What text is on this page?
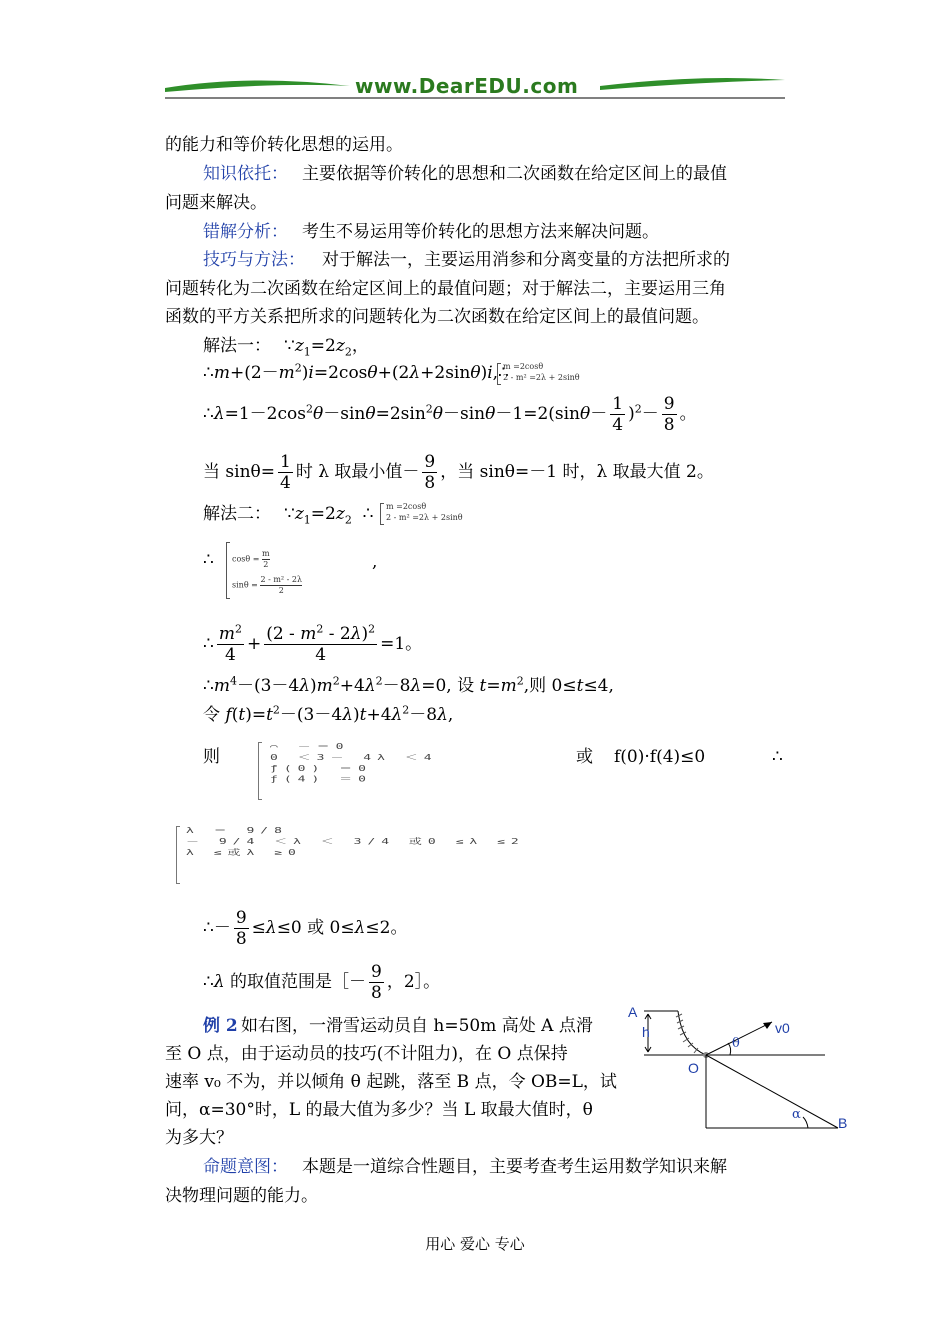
www.DearEDU.com
的能力和等价转化思想的运用。
知识依托： 主要依据等价转化的思想和二次函数在给定区间上的最值
问题来解决。
错解分析： 考生不易运用等价转化的思想方法来解决问题。
技巧与方法： 对于解法一，主要运用消参和分离变量的方法把所求的
问题转化为二次函数在给定区间上的最值问题；对于解法二，主要运用三角
函数的平方关系把所求的问题转化为二次函数在给定区间上的最值问题。
解法一： $\because z_1=2z_2$，
$\therefore m+(2-m^2)i=2\cos\theta+(2\lambda+2\sin\theta)i,\therefore$
m =2cosθ
2 - m² =2λ + 2sinθ
$\therefore\lambda=1-2\cos^2\theta-\sin\theta=2\sin^2\theta-\sin\theta-1=2(\sin\theta- \frac{1}{4} )^2- \frac{9}{8}$ 。
当 $\sin\theta= \frac{1}{4}$ 时 λ 取最小值－ $\frac{9}{8}$ ，当 sinθ=－1 时，λ 取最大值 2。
解法二： $\because z_1=2z_2$  ∴ m =2cosθ
2 - m² =2λ + 2sinθ
∴ $\cos\theta = \frac{m}{2}$
$\sin\theta = \frac{\text{2 - m² - 2λ}}{2}$
,
∴ $\frac{m^2}{4} + \frac{(2 - m^2 - 2\lambda)^2}{4} =1$。
$\therefore m^4-(3-4\lambda)m^2+4\lambda^2-8\lambda=0$, 设 $t=m^2$,则 0≤t≤4,
令 $f(t)=t^2-(3-4\lambda)t+4\lambda^2-8\lambda$,
则	⌒ －＝0
0 ＜3－ 4λ ＜4
ƒ(0) ＝0
ƒ(4) ＝0
或 f(0)·f(4)≤0	∴
λ ＝ 9/8
－ 9/4 ＜λ ＜ 3/4 或0 ≤λ ≤2
λ ≤或λ ≥0
∴－ $\frac{9}{8} \le\lambda\le 0$ 或 0≤λ≤2。
∴λ 的取值范围是［－ $\frac{9}{8}$ ，2］。
例 2 如右图，一滑雪运动员自 h=50m 高处 A 点滑
至 O 点，由于运动员的技巧(不计阻力)，在 O 点保持
速率 v₀ 不为，并以倾角 θ 起跳，落至 B 点，令 OB=L，试
问，α=30°时，L 的最大值为多少？当 L 取最大值时，θ
为多大？
命题意图： 本题是一道综合性题目，主要考查考生运用数学知识来解
决物理问题的能力。
A
h
O
v0
θ
α
B
用心 爱心 专心
